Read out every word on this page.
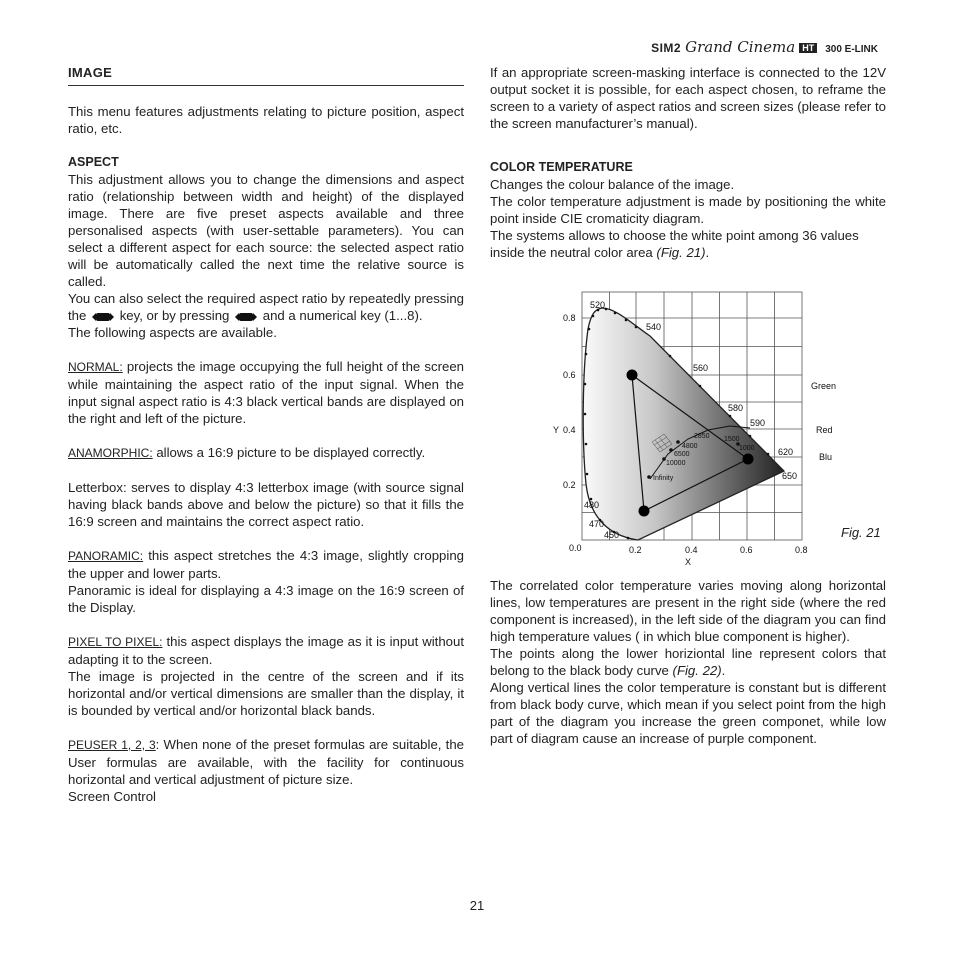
SIM2 Grand Cinema HT	300 E-LINK
IMAGE

This menu features adjustments relating to picture position, aspect ratio, etc.

ASPECT

This adjustment allows you to change the dimensions and aspect ratio (relationship between width and height) of the displayed image. There are five preset aspects available and three personalised aspects (with user-settable parameters). You can select a different aspect for each source: the selected aspect ratio will be automatically called the next time the relative source is called.

You can also select the required aspect ratio by repeatedly pressing the	key, or by pressing	and a numerical key (1...8).

The following aspects are available.

NORMAL: projects the image occupying the full height of the screen while maintaining the aspect ratio of the input signal. When the input signal aspect ratio is 4:3 black vertical bands are displayed on the right and left of the picture.

ANAMORPHIC: allows a 16:9 picture to be displayed correctly.

Letterbox: serves to display 4:3 letterbox image (with source signal having black bands above and below the picture) so that it fills the 16:9 screen and maintains the correct aspect ratio.

PANORAMIC: this aspect stretches the 4:3 image, slightly cropping the upper and lower parts.

Panoramic is ideal for displaying a 4:3 image on the 16:9 screen of the Display.

PIXEL TO PIXEL: this aspect displays the image as it is input without adapting it to the screen.

The image is projected in the centre of the screen and if its horizontal and/or vertical dimensions are smaller than the display, it is bounded by vertical and/or horizontal black bands.

PEUSER 1, 2, 3: When none of the preset formulas are suitable, the User formulas are available, with the facility for continuous horizontal and vertical adjustment of picture size.

Screen Control

If an appropriate screen-masking interface is connected to the 12V output socket it is possible, for each aspect chosen, to reframe the screen to a variety of aspect ratios and screen sizes (please refer to the screen manufacturer’s manual).

COLOR TEMPERATURE

Changes the colour balance of the image.

The color temperature adjustment is made by positioning the white point inside CIE cromaticity diagram.

The systems allows to choose the white point among 36 values inside the neutral color area (Fig. 21).

0.8
0.6
Y 0.4
0.2
0.0	0.2	0.4	0.6	0.8
X
520
540
560
580
590
620
650
480
470
450
Green
Red
Blu
2850 1500
1000
4800
6500
10000
Infinity
Fig. 21

The correlated color temperature varies moving along horizontal lines, low temperatures are present in the right side (where the red component is increased), in the left side of the diagram you can find high temperature values ( in which blue component is higher).

The points along the lower horiziontal line represent colors that belong to the black body curve (Fig. 22).

Along vertical lines the color temperature is constant but is different from black body curve, which mean if you select point from the high part of the diagram you increase the green componet, while low part of diagram cause an increase of purple component.

21
